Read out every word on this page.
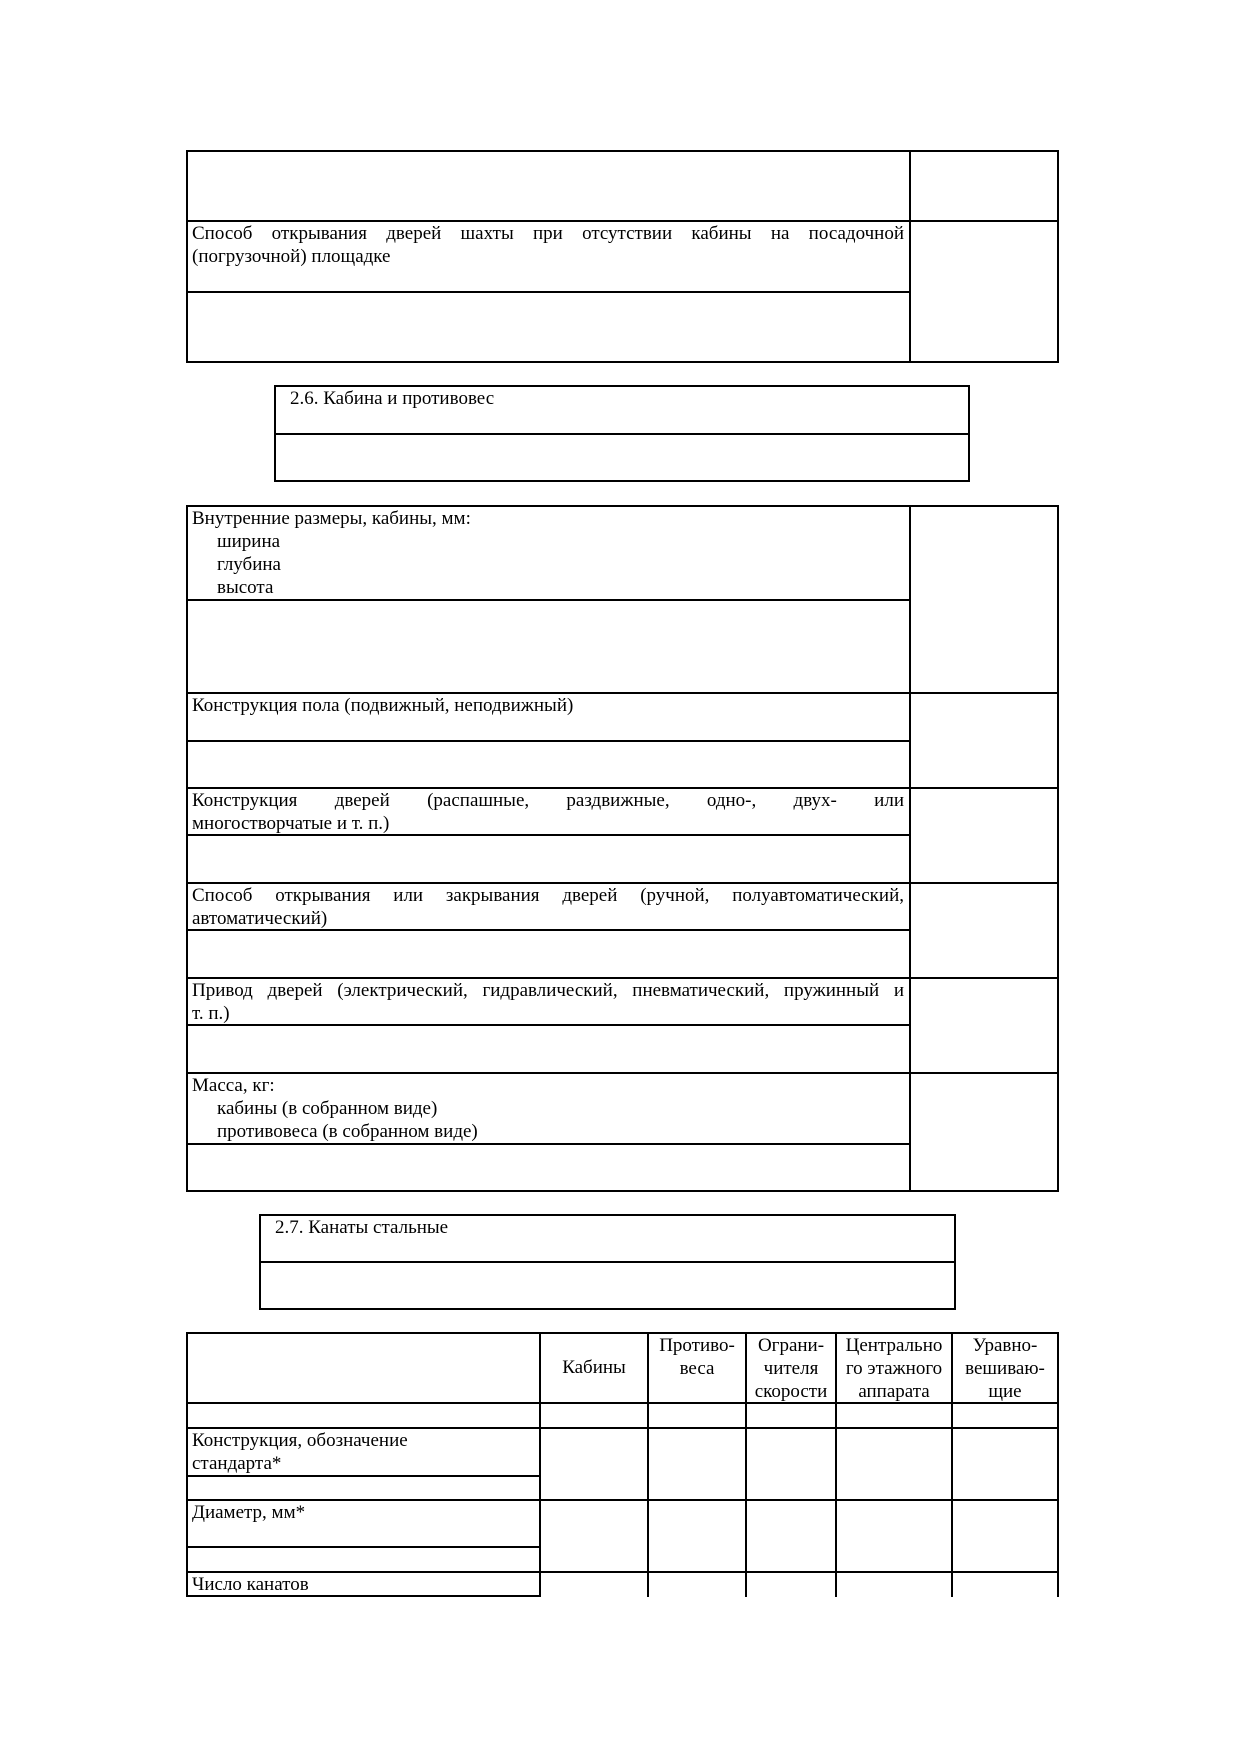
Способ открывания дверей шахты при отсутствии кабины на посадочной
(погрузочной) площадке
2.6. Кабина и противовес
Внутренние размеры, кабины, мм:
ширина
глубина
высота
Конструкция пола (подвижный, неподвижный)
Конструкция дверей (распашные, раздвижные, одно-, двух- или
многостворчатые и т. п.)
Способ открывания или закрывания дверей (ручной, полуавтоматический,
автоматический)
Привод дверей (электрический, гидравлический, пневматический, пружинный и
т. п.)
Масса, кг:
кабины (в собранном виде)
противовеса (в собранном виде)
2.7. Канаты стальные
Кабины
Противо-
веса
Ограни-
чителя
скорости
Центрально
го этажного
аппарата
Уравно-
вешиваю-
щие
Конструкция, обозначение
стандарта*
Диаметр, мм*
Число канатов
